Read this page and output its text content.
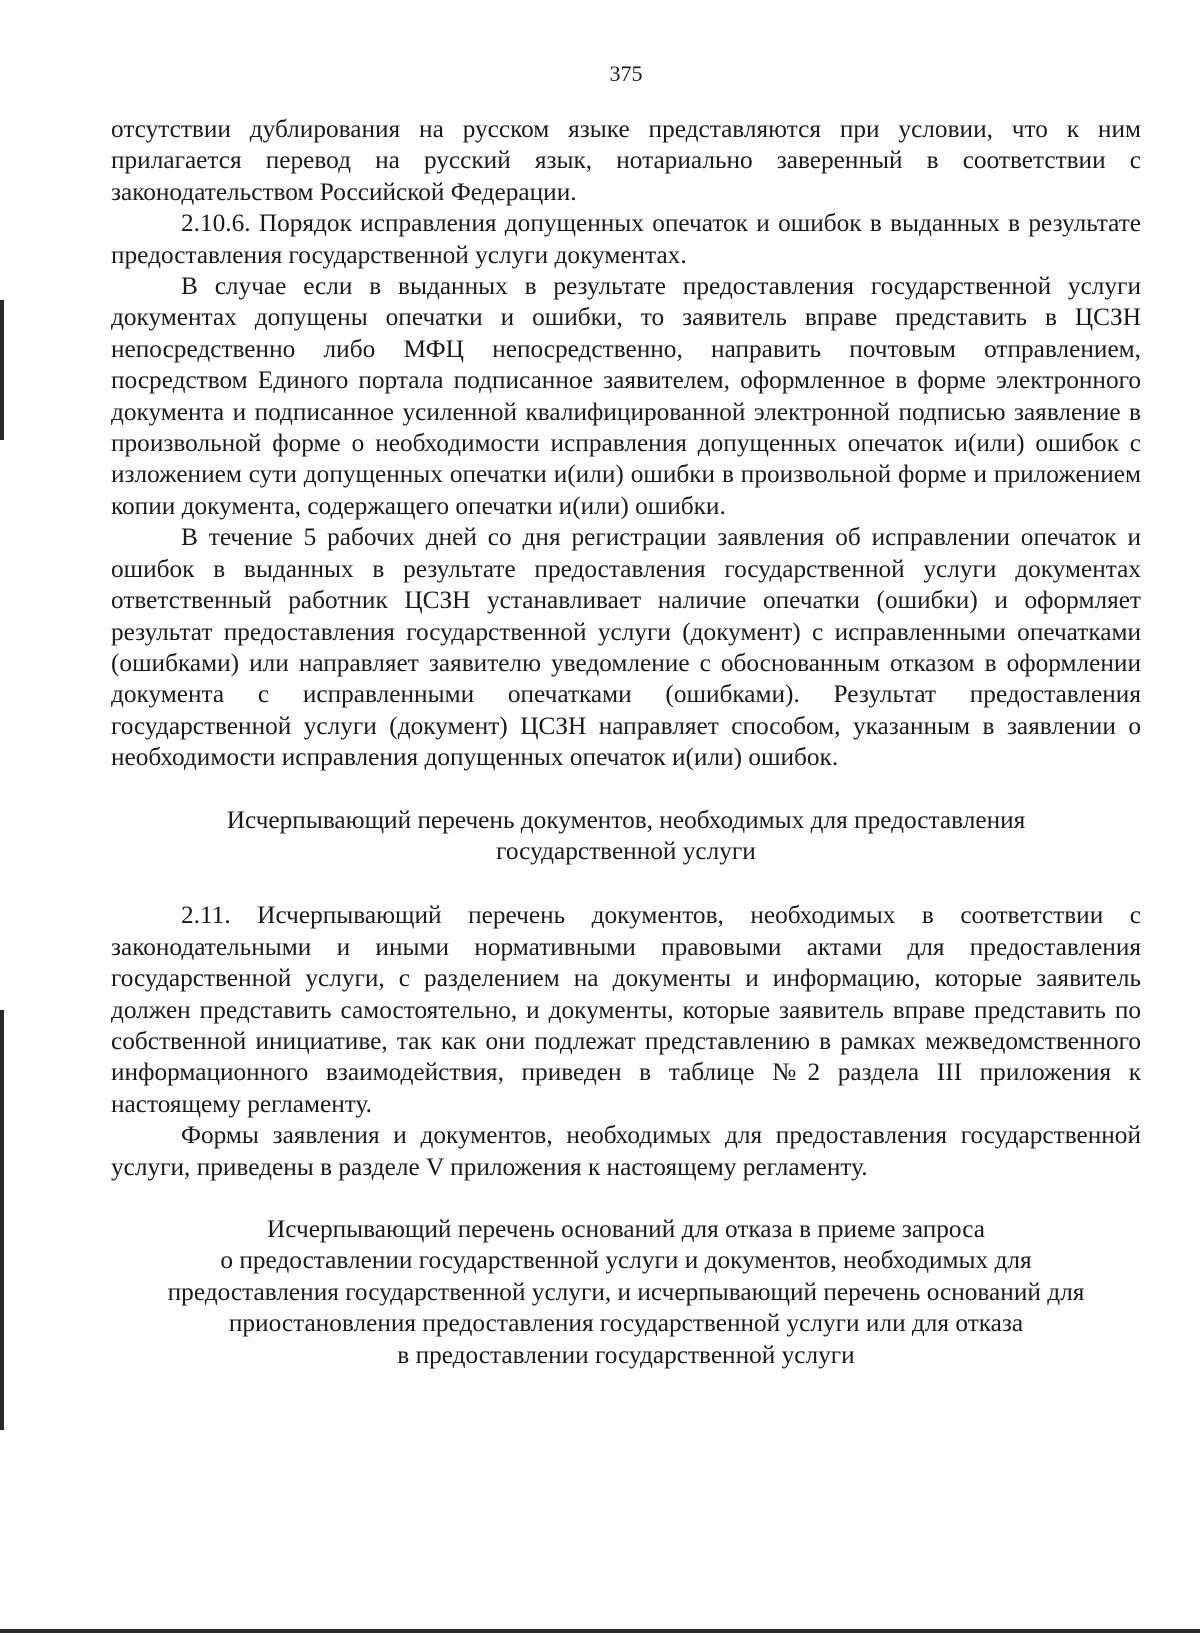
375

отсутствии дублирования на русском языке представляются при условии, что к ним прилагается перевод на русский язык, нотариально заверенный в соответствии с законодательством Российской Федерации.

2.10.6. Порядок исправления допущенных опечаток и ошибок в выданных в результате предоставления государственной услуги документах.

В случае если в выданных в результате предоставления государственной услуги документах допущены опечатки и ошибки, то заявитель вправе представить в ЦСЗН непосредственно либо МФЦ непосредственно, направить почтовым отправлением, посредством Единого портала подписанное заявителем, оформленное в форме электронного документа и подписанное усиленной квалифицированной электронной подписью заявление в произвольной форме о необходимости исправления допущенных опечаток и(или) ошибок с изложением сути допущенных опечатки и(или) ошибки в произвольной форме и приложением копии документа, содержащего опечатки и(или) ошибки.

В течение 5 рабочих дней со дня регистрации заявления об исправлении опечаток и ошибок в выданных в результате предоставления государственной услуги документах ответственный работник ЦСЗН устанавливает наличие опечатки (ошибки) и оформляет результат предоставления государственной услуги (документ) с исправленными опечатками (ошибками) или направляет заявителю уведомление с обоснованным отказом в оформлении документа с исправленными опечатками (ошибками). Результат предоставления государственной услуги (документ) ЦСЗН направляет способом, указанным в заявлении о необходимости исправления допущенных опечаток и(или) ошибок.

Исчерпывающий перечень документов, необходимых для предоставления
государственной услуги

2.11. Исчерпывающий перечень документов, необходимых в соответствии с законодательными и иными нормативными правовыми актами для предоставления государственной услуги, с разделением на документы и информацию, которые заявитель должен представить самостоятельно, и документы, которые заявитель вправе представить по собственной инициативе, так как они подлежат представлению в рамках межведомственного информационного взаимодействия, приведен в таблице №2 раздела III приложения к настоящему регламенту.

Формы заявления и документов, необходимых для предоставления государственной услуги, приведены в разделе V приложения к настоящему регламенту.

Исчерпывающий перечень оснований для отказа в приеме запроса
о предоставлении государственной услуги и документов, необходимых для
предоставления государственной услуги, и исчерпывающий перечень оснований для
приостановления предоставления государственной услуги или для отказа
в предоставлении государственной услуги
